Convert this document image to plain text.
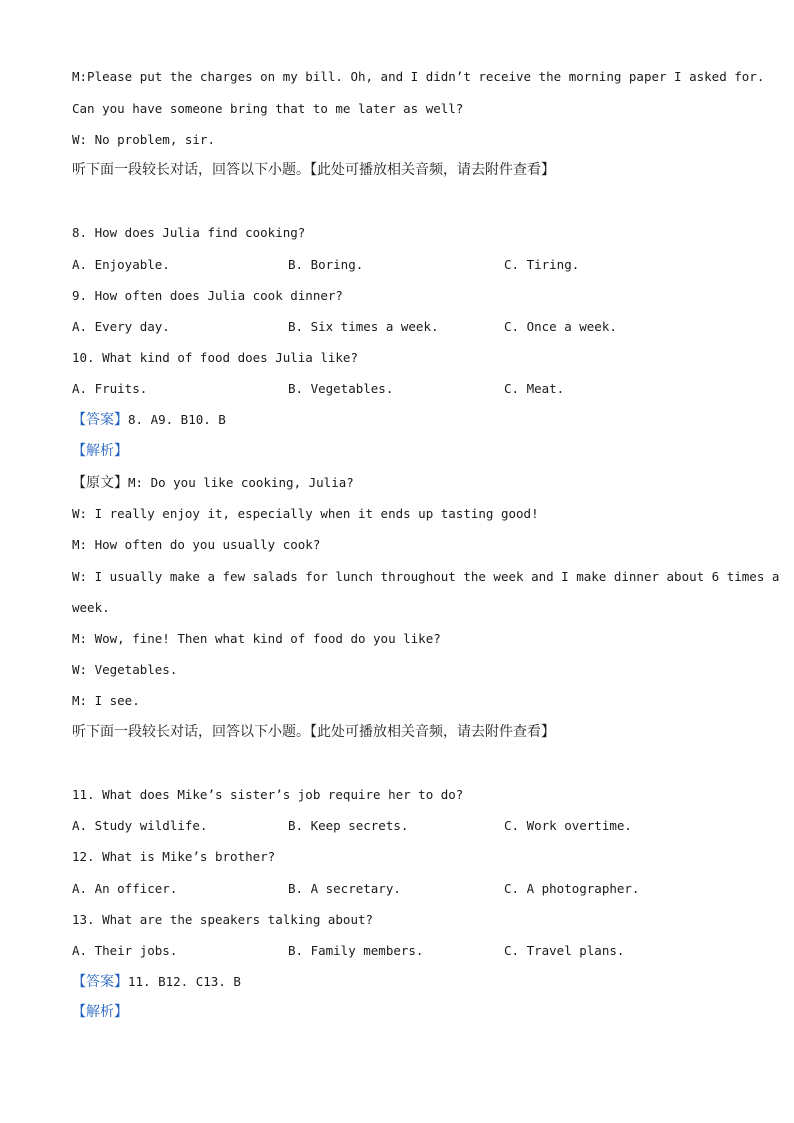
M:Please put the charges on my bill. Oh, and I didn’t receive the morning paper I asked for.
Can you have someone bring that to me later as well?
W: No problem, sir.
听下面一段较长对话，回答以下小题。【此处可播放相关音频，请去附件查看】
8. How does Julia find cooking?
A. Enjoyable.	B. Boring.	C. Tiring.
9. How often does Julia cook dinner?
A. Every day.	B. Six times a week.	C. Once a week.
10. What kind of food does Julia like?
A. Fruits.	B. Vegetables.	C. Meat.
【答案】8. A9. B10. B
【解析】
【原文】M: Do you like cooking, Julia?
W: I really enjoy it, especially when it ends up tasting good!
M: How often do you usually cook?
W: I usually make a few salads for lunch throughout the week and I make dinner about 6 times a
week.
M: Wow, fine! Then what kind of food do you like?
W: Vegetables.
M: I see.
听下面一段较长对话，回答以下小题。【此处可播放相关音频，请去附件查看】
11. What does Mike’s sister’s job require her to do?
A. Study wildlife.	B. Keep secrets.	C. Work overtime.
12. What is Mike’s brother?
A. An officer.	B. A secretary.	C. A photographer.
13. What are the speakers talking about?
A. Their jobs.	B. Family members.	C. Travel plans.
【答案】11. B12. C13. B
【解析】
